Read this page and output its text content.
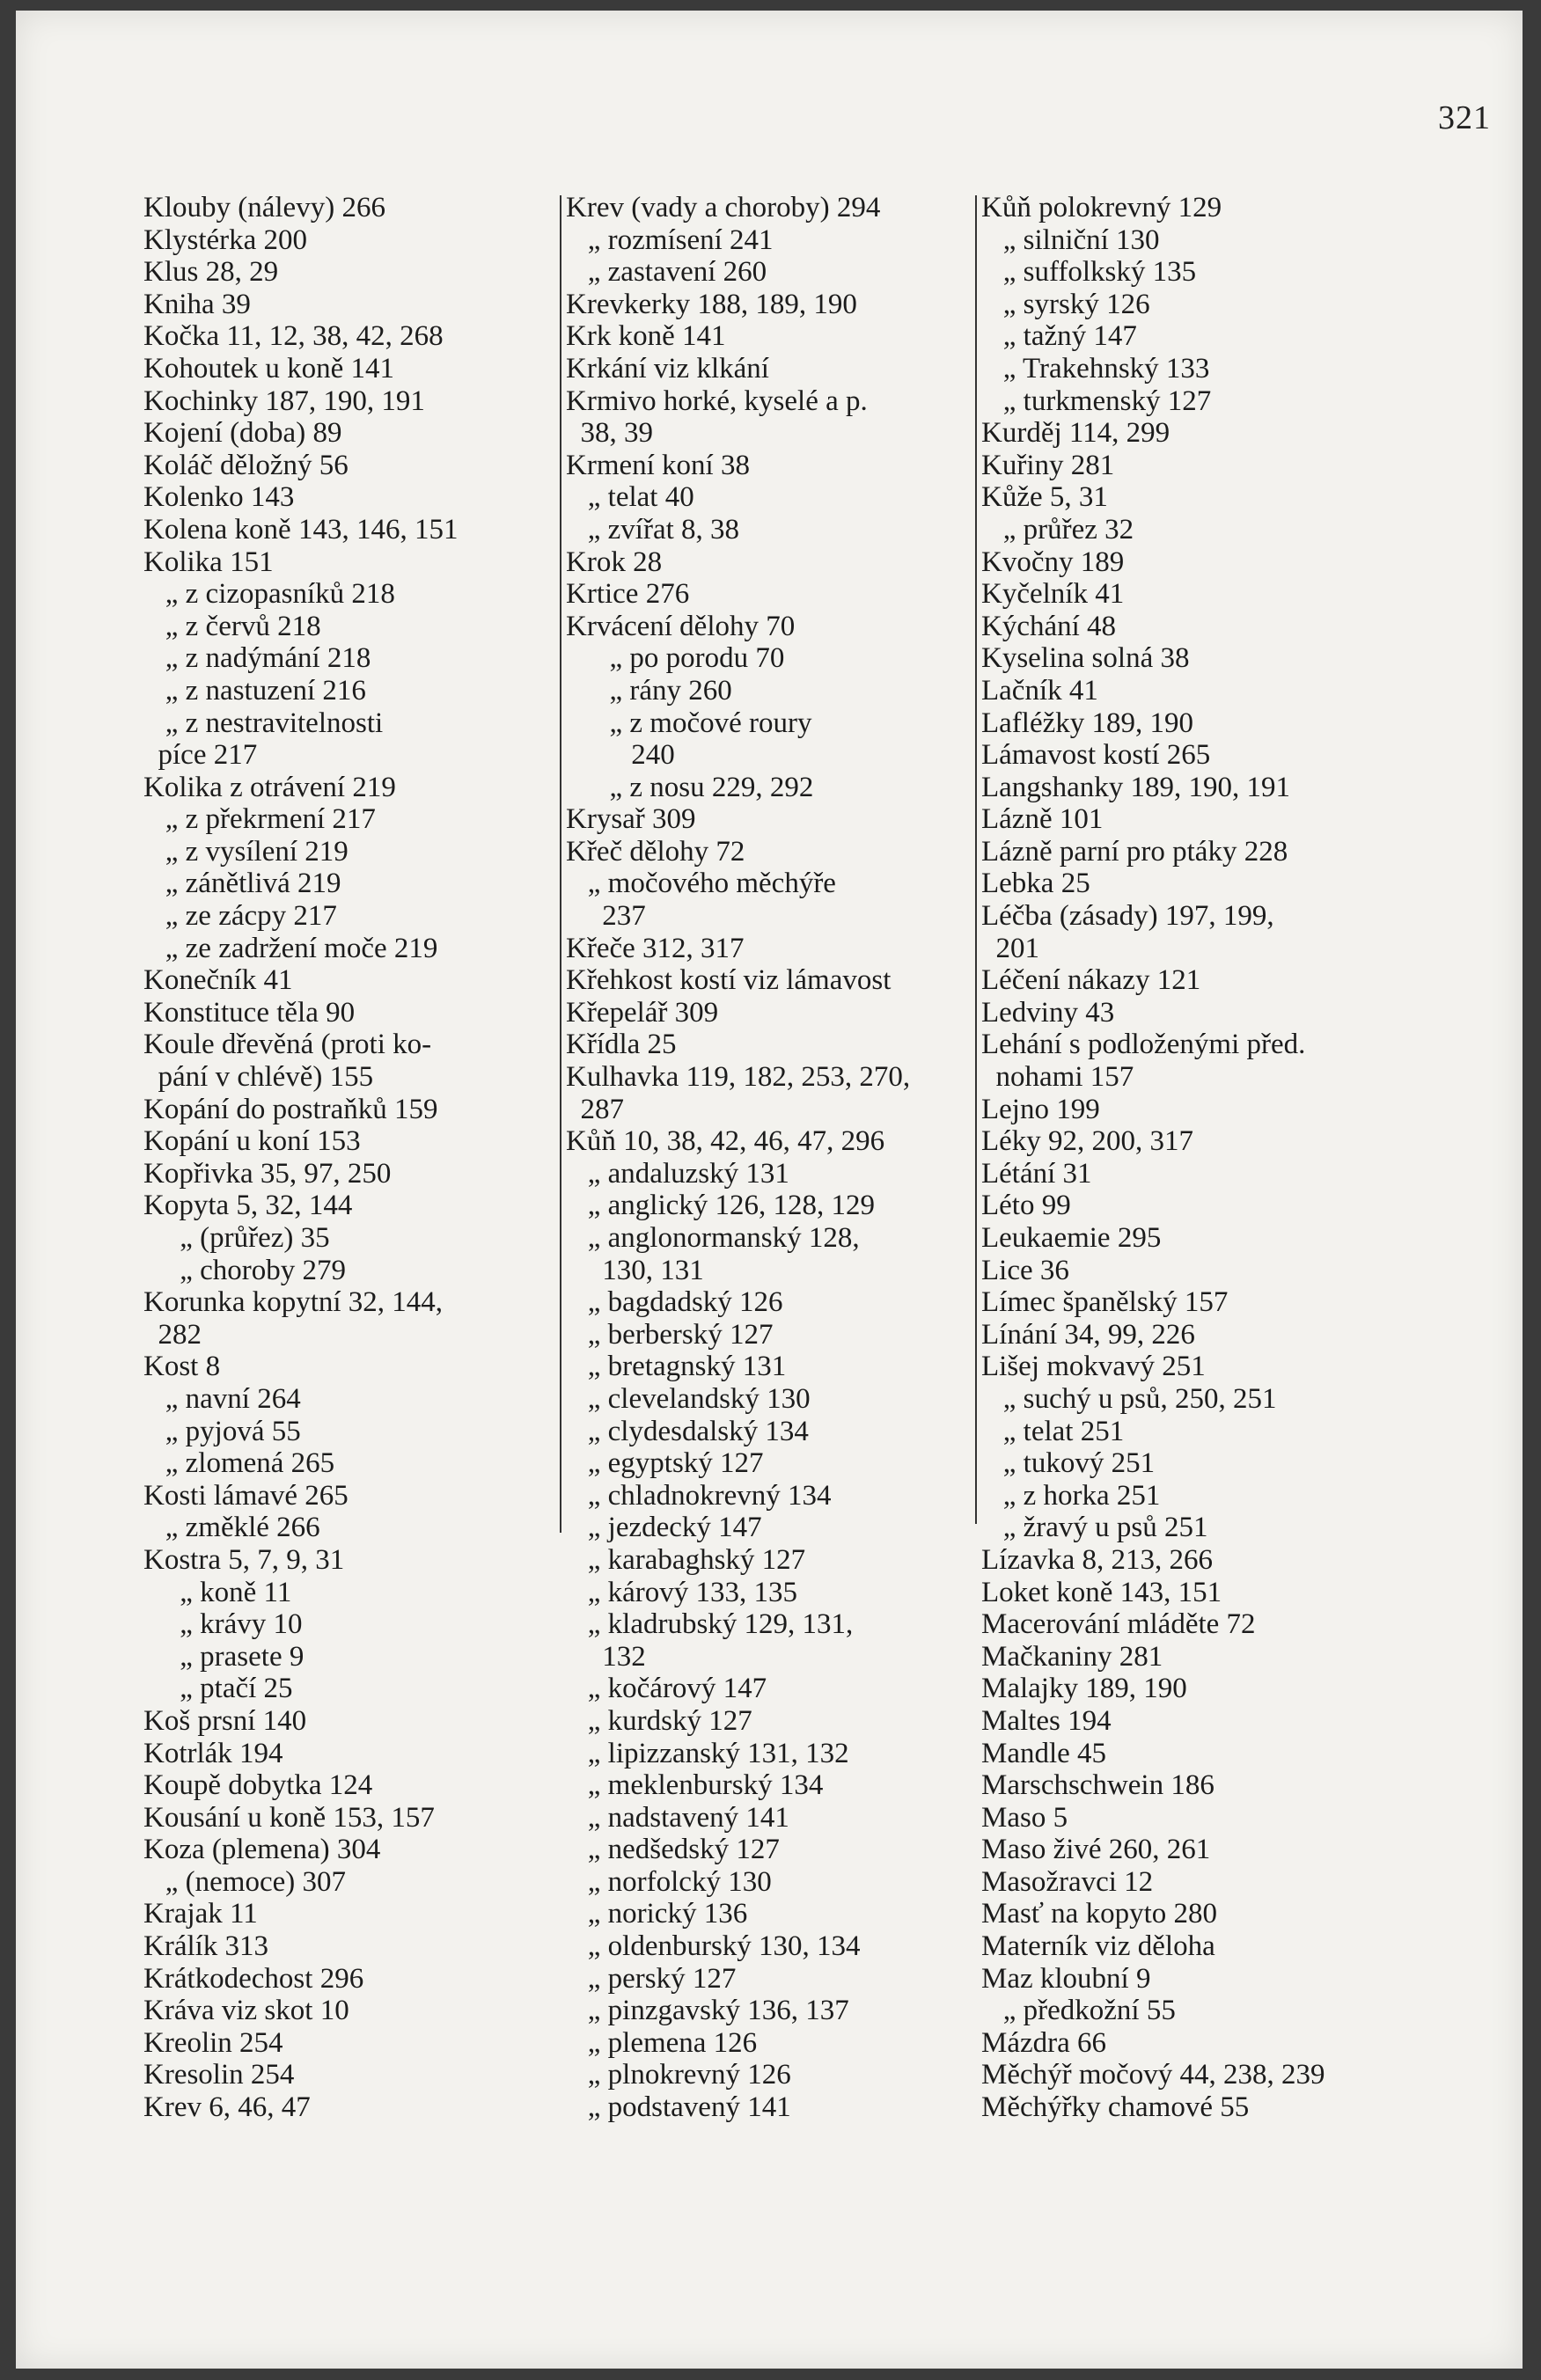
321
Klouby (nálevy) 266
Klystérka 200
Klus 28, 29
Kniha 39
Kočka 11, 12, 38, 42, 268
Kohoutek u koně 141
Kochinky 187, 190, 191
Kojení (doba) 89
Koláč děložný 56
Kolenko 143
Kolena koně 143, 146, 151
Kolika 151
„ z cizopasníků 218
„ z červů 218
„ z nadýmání 218
„ z nastuzení 216
„ z nestravitelnosti
píce 217
Kolika z otrávení 219
„ z překrmení 217
„ z vysílení 219
„ zánětlivá 219
„ ze zácpy 217
„ ze zadržení moče 219
Konečník 41
Konstituce těla 90
Koule dřevěná (proti ko-
pání v chlévě) 155
Kopání do postraňků 159
Kopání u koní 153
Kopřivka 35, 97, 250
Kopyta 5, 32, 144
„ (průřez) 35
„ choroby 279
Korunka kopytní 32, 144,
282
Kost 8
„ navní 264
„ pyjová 55
„ zlomená 265
Kosti lámavé 265
„ změklé 266
Kostra 5, 7, 9, 31
„ koně 11
„ krávy 10
„ prasete 9
„ ptačí 25
Koš prsní 140
Kotrlák 194
Koupě dobytka 124
Kousání u koně 153, 157
Koza (plemena) 304
„ (nemoce) 307
Krajak 11
Králík 313
Krátkodechost 296
Kráva viz skot 10
Kreolin 254
Kresolin 254
Krev 6, 46, 47
Krev (vady a choroby) 294
„ rozmísení 241
„ zastavení 260
Krevkerky 188, 189, 190
Krk koně 141
Krkání viz klkání
Krmivo horké, kyselé a p.
38, 39
Krmení koní 38
„ telat 40
„ zvířat 8, 38
Krok 28
Krtice 276
Krvácení dělohy 70
„ po porodu 70
„ rány 260
„ z močové roury
240
„ z nosu 229, 292
Krysař 309
Křeč dělohy 72
„ močového měchýře
237
Křeče 312, 317
Křehkost kostí viz lámavost
Křepelář 309
Křídla 25
Kulhavka 119, 182, 253, 270,
287
Kůň 10, 38, 42, 46, 47, 296
„ andaluzský 131
„ anglický 126, 128, 129
„ anglonormanský 128,
130, 131
„ bagdadský 126
„ berberský 127
„ bretagnský 131
„ clevelandský 130
„ clydesdalský 134
„ egyptský 127
„ chladnokrevný 134
„ jezdecký 147
„ karabaghský 127
„ kárový 133, 135
„ kladrubský 129, 131,
132
„ kočárový 147
„ kurdský 127
„ lipizzanský 131, 132
„ meklenburský 134
„ nadstavený 141
„ nedšedský 127
„ norfolcký 130
„ norický 136
„ oldenburský 130, 134
„ perský 127
„ pinzgavský 136, 137
„ plemena 126
„ plnokrevný 126
„ podstavený 141
Kůň polokrevný 129
„ silniční 130
„ suffolkský 135
„ syrský 126
„ tažný 147
„ Trakehnský 133
„ turkmenský 127
Kurděj 114, 299
Kuřiny 281
Kůže 5, 31
„ průřez 32
Kvočny 189
Kyčelník 41
Kýchání 48
Kyselina solná 38
Lačník 41
Lafléžky 189, 190
Lámavost kostí 265
Langshanky 189, 190, 191
Lázně 101
Lázně parní pro ptáky 228
Lebka 25
Léčba (zásady) 197, 199,
201
Léčení nákazy 121
Ledviny 43
Lehání s podloženými před.
nohami 157
Lejno 199
Léky 92, 200, 317
Létání 31
Léto 99
Leukaemie 295
Lice 36
Límec španělský 157
Línání 34, 99, 226
Lišej mokvavý 251
„ suchý u psů, 250, 251
„ telat 251
„ tukový 251
„ z horka 251
„ žravý u psů 251
Lízavka 8, 213, 266
Loket koně 143, 151
Macerování mláděte 72
Mačkaniny 281
Malajky 189, 190
Maltes 194
Mandle 45
Marschschwein 186
Maso 5
Maso živé 260, 261
Masožravci 12
Masť na kopyto 280
Materník viz děloha
Maz kloubní 9
„ předkožní 55
Mázdra 66
Měchýř močový 44, 238, 239
Měchýřky chamové 55
